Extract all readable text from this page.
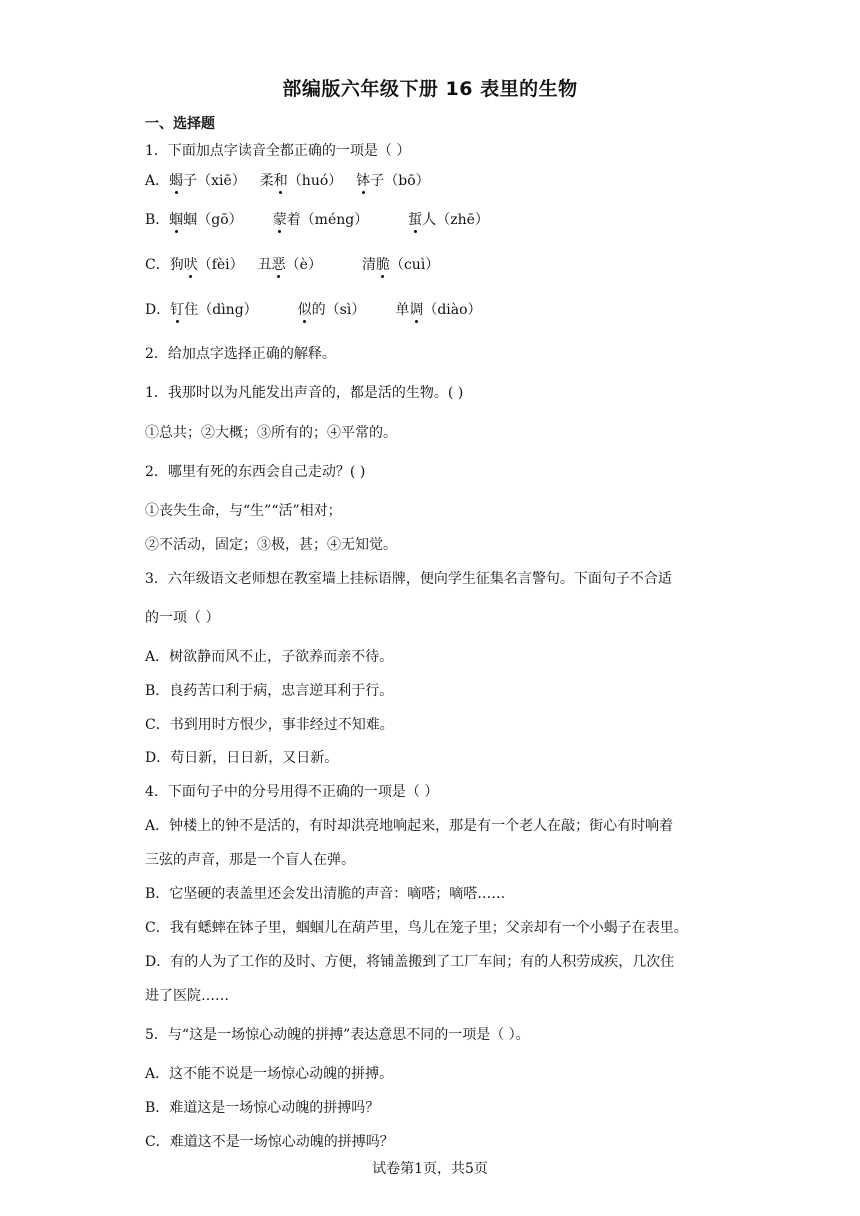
部编版六年级下册 16 表里的生物
一、选择题
1．下面加点字读音全都正确的一项是（ ）
A．蝎子（xiē） 柔和（huó） 钵子（bō）
B．蝈蝈（gō） 蒙着（méng）	蜇人（zhē）
C．狗吠（fèi） 丑恶（è）	清脆（cuì）
D．钉住（dìng）	似的（sì） 单调（diào）
2．给加点字选择正确的解释。
1．我那时以为凡能发出声音的，都是活的生物。( )
①总共；②大概；③所有的；④平常的。
2．哪里有死的东西会自己走动？( )
①丧失生命，与“生”“活”相对；
②不活动，固定；③极，甚；④无知觉。
3．六年级语文老师想在教室墙上挂标语牌，便向学生征集名言警句。下面句子不合适
的一项（ ）
A．树欲静而风不止，子欲养而亲不待。
B．良药苦口利于病，忠言逆耳利于行。
C．书到用时方恨少，事非经过不知难。
D．苟日新，日日新，又日新。
4．下面句子中的分号用得不正确的一项是（ ）
A．钟楼上的钟不是活的，有时却洪亮地响起来，那是有一个老人在敲；街心有时响着
三弦的声音，那是一个盲人在弹。
B．它坚硬的表盖里还会发出清脆的声音：嘀嗒；嘀嗒……
C．我有蟋蟀在钵子里，蝈蝈儿在葫芦里，鸟儿在笼子里；父亲却有一个小蝎子在表里。
D．有的人为了工作的及时、方便，将铺盖搬到了工厂车间；有的人积劳成疾，几次住
进了医院……
5．与“这是一场惊心动魄的拼搏”表达意思不同的一项是（ ）。
A．这不能不说是一场惊心动魄的拼搏。
B．难道这是一场惊心动魄的拼搏吗？
C．难道这不是一场惊心动魄的拼搏吗？
试卷第1页，共5页
